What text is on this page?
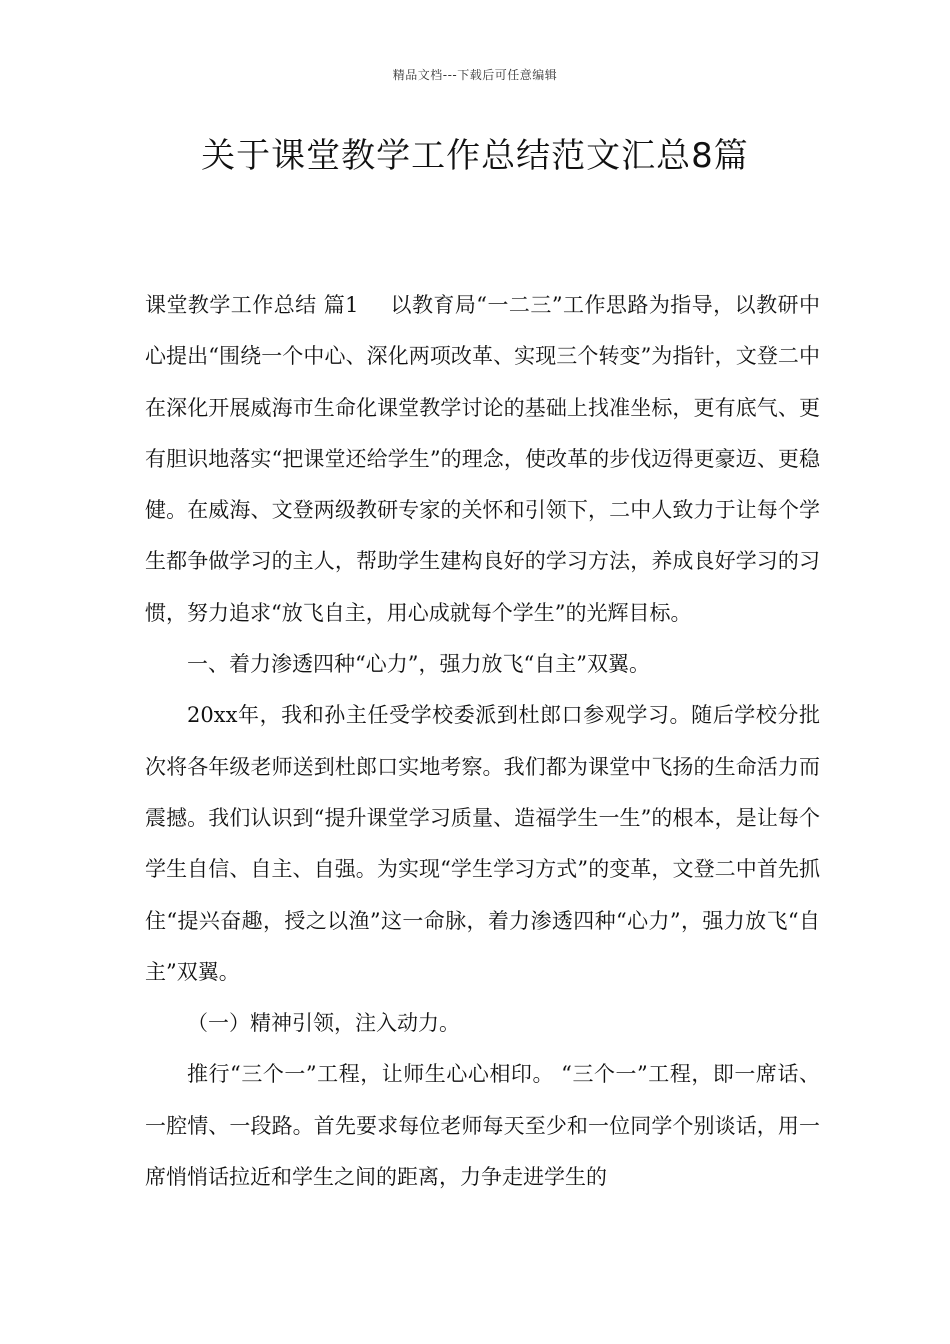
精品文档---下载后可任意编辑
关于课堂教学工作总结范文汇总8篇

课堂教学工作总结 篇1 以教育局“一二三”工作思路为指导，以教研中心提出“围绕一个中心、深化两项改革、实现三个转变”为指针，文登二中在深化开展威海市生命化课堂教学讨论的基础上找准坐标，更有底气、更有胆识地落实“把课堂还给学生”的理念，使改革的步伐迈得更豪迈、更稳健。在威海、文登两级教研专家的关怀和引领下，二中人致力于让每个学生都争做学习的主人，帮助学生建构良好的学习方法，养成良好学习的习惯，努力追求“放飞自主，用心成就每个学生”的光辉目标。

一、着力渗透四种“心力”，强力放飞“自主”双翼。

20xx年，我和孙主任受学校委派到杜郎口参观学习。随后学校分批次将各年级老师送到杜郎口实地考察。我们都为课堂中飞扬的生命活力而震撼。我们认识到“提升课堂学习质量、造福学生一生”的根本，是让每个学生自信、自主、自强。为实现“学生学习方式”的变革，文登二中首先抓住“提兴奋趣，授之以渔”这一命脉，着力渗透四种“心力”，强力放飞“自主”双翼。

（一）精神引领，注入动力。

推行“三个一”工程，让师生心心相印。 “三个一”工程，即一席话、一腔情、一段路。首先要求每位老师每天至少和一位同学个别谈话，用一席悄悄话拉近和学生之间的距离，力争走进学生的
